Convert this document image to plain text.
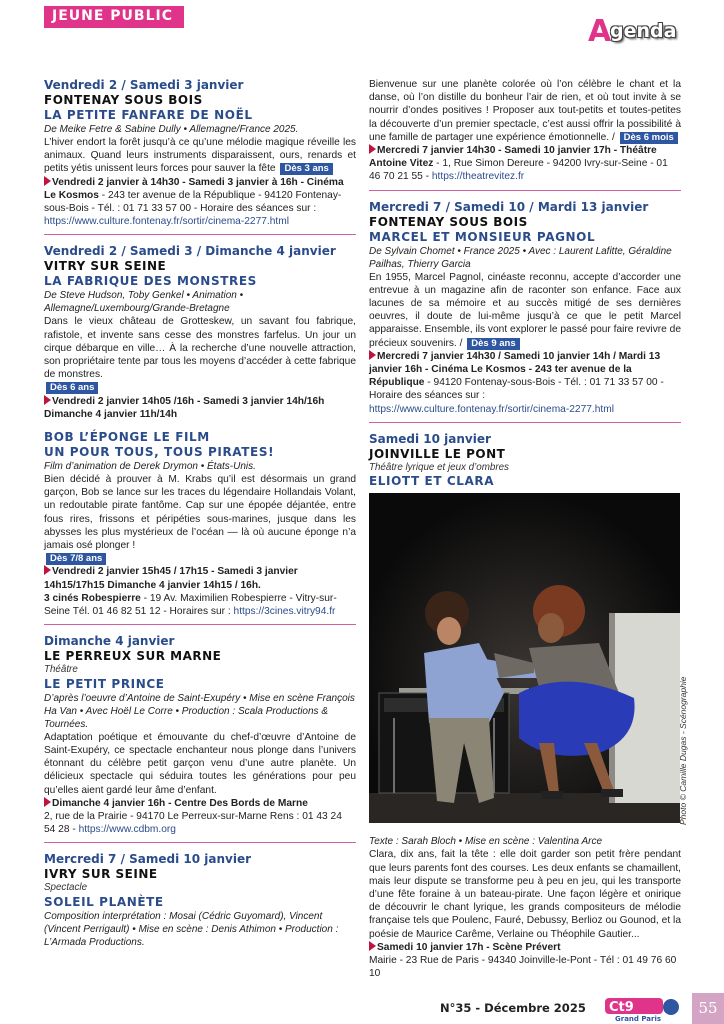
JEUNE PUBLIC	A
genda
Vendredi 2 / Samedi 3 janvier
FONTENAY SOUS BOIS
LA PETITE FANFARE DE NOËL
De Meike Fetre & Sabine Dully • Allemagne/France 2025.
L’hiver endort la forêt jusqu’à ce qu’une mélodie magique réveille les animaux. Quand leurs instruments disparaissent, ours, renards et petits yétis unissent leurs forces pour sauver la fête Dès 3 ans
Vendredi 2 janvier à 14h30 - Samedi 3 janvier à 16h - Cinéma Le Kosmos - 243 ter avenue de la République - 94120 Fontenay-sous-Bois - Tél. : 01 71 33 57 00 - Horaire des séances sur : https://www.culture.fontenay.fr/sortir/cinema-2277.html
Vendredi 2 / Samedi 3 / Dimanche 4 janvier
VITRY SUR SEINE
LA FABRIQUE DES MONSTRES
De Steve Hudson, Toby Genkel • Animation • Allemagne/Luxembourg/Grande-Bretagne
Dans le vieux château de Grotteskew, un savant fou fabrique, rafistole, et invente sans cesse des monstres farfelus. Un jour un cirque débarque en ville… À la recherche d’une nouvelle attraction, son propriétaire tente par tous les moyens d’accéder à cette fabrique de monstres.
Dès 6 ans
Vendredi 2 janvier 14h05 /16h - Samedi 3 janvier 14h/16h Dimanche 4 janvier 11h/14h
BOB L’ÉPONGE LE FILM
UN POUR TOUS, TOUS PIRATES!
Film d’animation de Derek Drymon • États-Unis.
Bien décidé à prouver à M. Krabs qu’il est désormais un grand garçon, Bob se lance sur les traces du légendaire Hollandais Volant, un redoutable pirate fantôme. Cap sur une épopée déjantée, entre fous rires, frissons et péripéties sous-marines, jusque dans les abysses les plus mystérieux de l’océan — là où aucune éponge n’a jamais osé plonger !
Dès 7/8 ans
Vendredi 2 janvier 15h45 / 17h15 - Samedi 3 janvier 14h15/17h15 Dimanche 4 janvier 14h15 / 16h.
3 cinés Robespierre - 19 Av. Maximilien Robespierre - Vitry-sur-Seine Tél. 01 46 82 51 12 - Horaires sur : https://3cines.vitry94.fr
Dimanche 4 janvier
LE PERREUX SUR MARNE
Théâtre
LE PETIT PRINCE
D’après l’oeuvre d’Antoine de Saint-Exupéry • Mise en scène François Ha Van • Avec Hoël Le Corre • Production : Scala Productions & Tournées.
Adaptation poétique et émouvante du chef-d’œuvre d’Antoine de Saint-Exupéry, ce spectacle enchanteur nous plonge dans l’univers étonnant du célèbre petit garçon venu d’une autre planète. Un délicieux spectacle qui séduira toutes les générations pour peu qu’elles aient gardé leur âme d’enfant.
Dimanche 4 janvier 16h - Centre Des Bords de Marne
2, rue de la Prairie - 94170 Le Perreux-sur-Marne Rens : 01 43 24 54 28 - https://www.cdbm.org
Mercredi 7 / Samedi 10 janvier
IVRY SUR SEINE
Spectacle
SOLEIL PLANÈTE
Composition interprétation : Mosai (Cédric Guyomard), Vincent (Vincent Perrigault) • Mise en scène : Denis Athimon • Production : L’Armada Productions.
Bienvenue sur une planète colorée où l’on célèbre le chant et la danse, où l’on distille du bonheur l’air de rien, et où tout invite à se nourrir d’ondes positives ! Proposer aux tout-petits et toutes-petites la découverte d’un premier spectacle, c’est aussi offrir la possibilité à une famille de partager une expérience émotionnelle. / Dès 6 mois
Mercredi 7 janvier 14h30 - Samedi 10 janvier 17h - Théâtre Antoine Vitez - 1, Rue Simon Dereure - 94200 Ivry-sur-Seine - 01 46 70 21 55 - https://theatrevitez.fr
Mercredi 7 / Samedi 10 / Mardi 13 janvier
FONTENAY SOUS BOIS
MARCEL ET MONSIEUR PAGNOL
De Sylvain Chomet • France 2025 • Avec : Laurent Lafitte, Géraldine Pailhas, Thierry Garcia
En 1955, Marcel Pagnol, cinéaste reconnu, accepte d’accorder une entrevue à un magazine afin de raconter son enfance. Face aux lacunes de sa mémoire et au succès mitigé de ses dernières oeuvres, il doute de lui-même jusqu’à ce que le petit Marcel apparaisse. Ensemble, ils vont explorer le passé pour faire revivre de précieux souvenirs. / Dès 9 ans
Mercredi 7 janvier 14h30 / Samedi 10 janvier 14h / Mardi 13 janvier 16h - Cinéma Le Kosmos - 243 ter avenue de la République - 94120 Fontenay-sous-Bois - Tél. : 01 71 33 57 00 - Horaire des séances sur : https://www.culture.fontenay.fr/sortir/cinema-2277.html
Samedi 10 janvier
JOINVILLE LE PONT
Théâtre lyrique et jeux d’ombres
ELIOTT ET CLARA
Texte : Sarah Bloch • Mise en scène : Valentina Arce
Clara, dix ans, fait la tête : elle doit garder son petit frère pendant que leurs parents font des courses. Les deux enfants se chamaillent, mais leur dispute se transforme peu à peu en jeu, qui les transporte d’une fête foraine à un bateau-pirate. Une façon légère et onirique de découvrir le chant lyrique, les grands compositeurs de mélodie française tels que Poulenc, Fauré, Debussy, Berlioz ou Gounod, et la poésie de Maurice Carême, Verlaine ou Théophile Gautier...
Samedi 10 janvier 17h - Scène Prévert
Mairie - 23 Rue de Paris - 94340 Joinville-le-Pont - Tél : 01 49 76 60 10
Photo © Camille Dugas - Scénographie
N°35 - Décembre 2025 Ct9
Grand Paris
55
